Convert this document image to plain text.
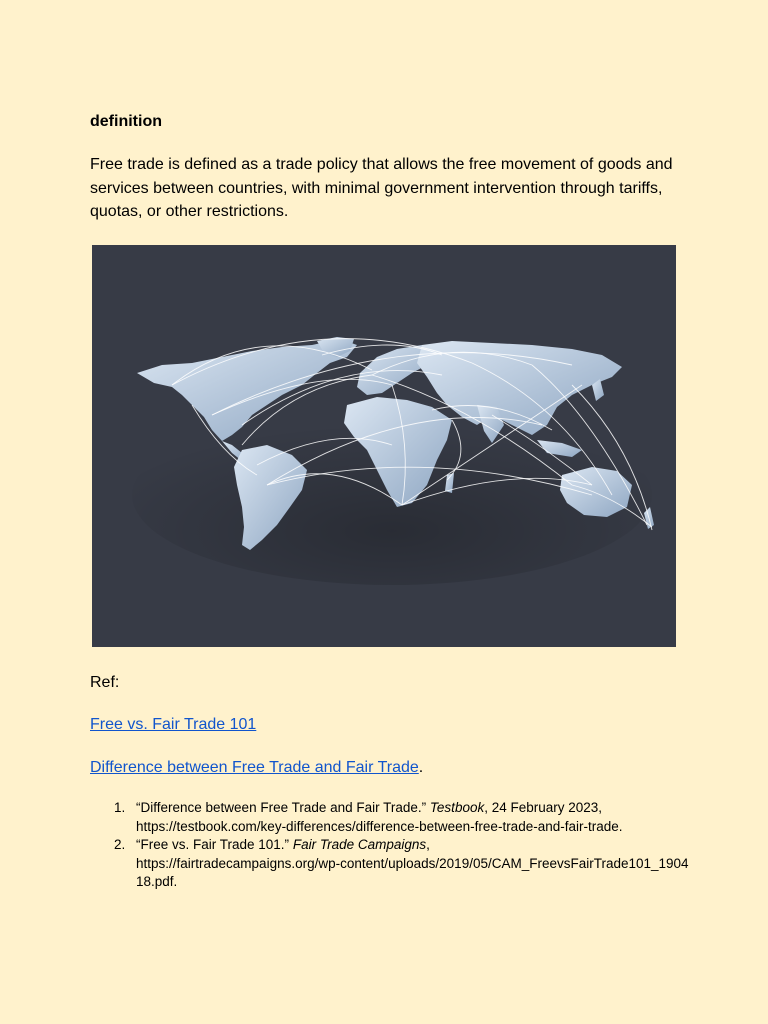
definition
Free trade is defined as a trade policy that allows the free movement of goods and services between countries, with minimal government intervention through tariffs, quotas, or other restrictions.
Ref:
Free vs. Fair Trade 101
Difference between Free Trade and Fair Trade.
1. “Difference between Free Trade and Fair Trade.” Testbook, 24 February 2023,
https://testbook.com/key-differences/difference-between-free-trade-and-fair-trade.
2. “Free vs. Fair Trade 101.” Fair Trade Campaigns,
https://fairtradecampaigns.org/wp-content/uploads/2019/05/CAM_FreevsFairTrade101_190418.pdf.
